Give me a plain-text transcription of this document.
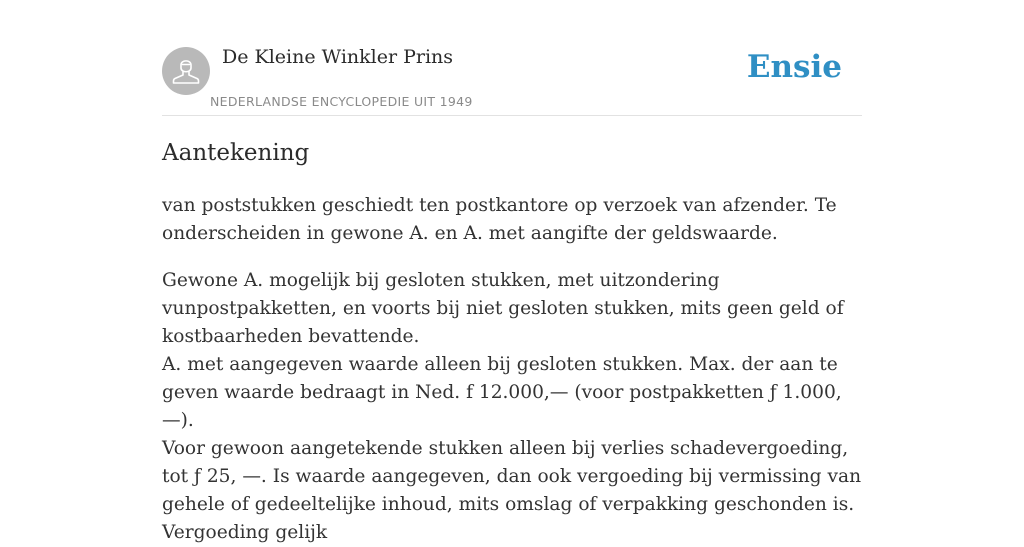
De Kleine Winkler Prins
NEDERLANDSE ENCYCLOPEDIE UIT 1949
Ensie
Aantekening

van poststukken geschiedt ten postkantore op verzoek van afzender. Te onderscheiden in gewone A. en A. met aangifte der geldswaarde.

Gewone A. mogelijk bij gesloten stukken, met uitzondering vunpostpakketten, en voorts bij niet gesloten stukken, mits geen geld of kostbaarheden bevattende.

A. met aangegeven waarde alleen bij gesloten stukken. Max. der aan te geven waarde bedraagt in Ned. f 12.000,— (voor postpakketten ƒ 1.000,—).

Voor gewoon aangetekende stukken alleen bij verlies schadevergoeding, tot ƒ 25, —. Is waarde aangegeven, dan ook vergoeding bij vermissing van gehele of gedeeltelijke inhoud, mits omslag of verpakking geschonden is. Vergoeding gelijk
